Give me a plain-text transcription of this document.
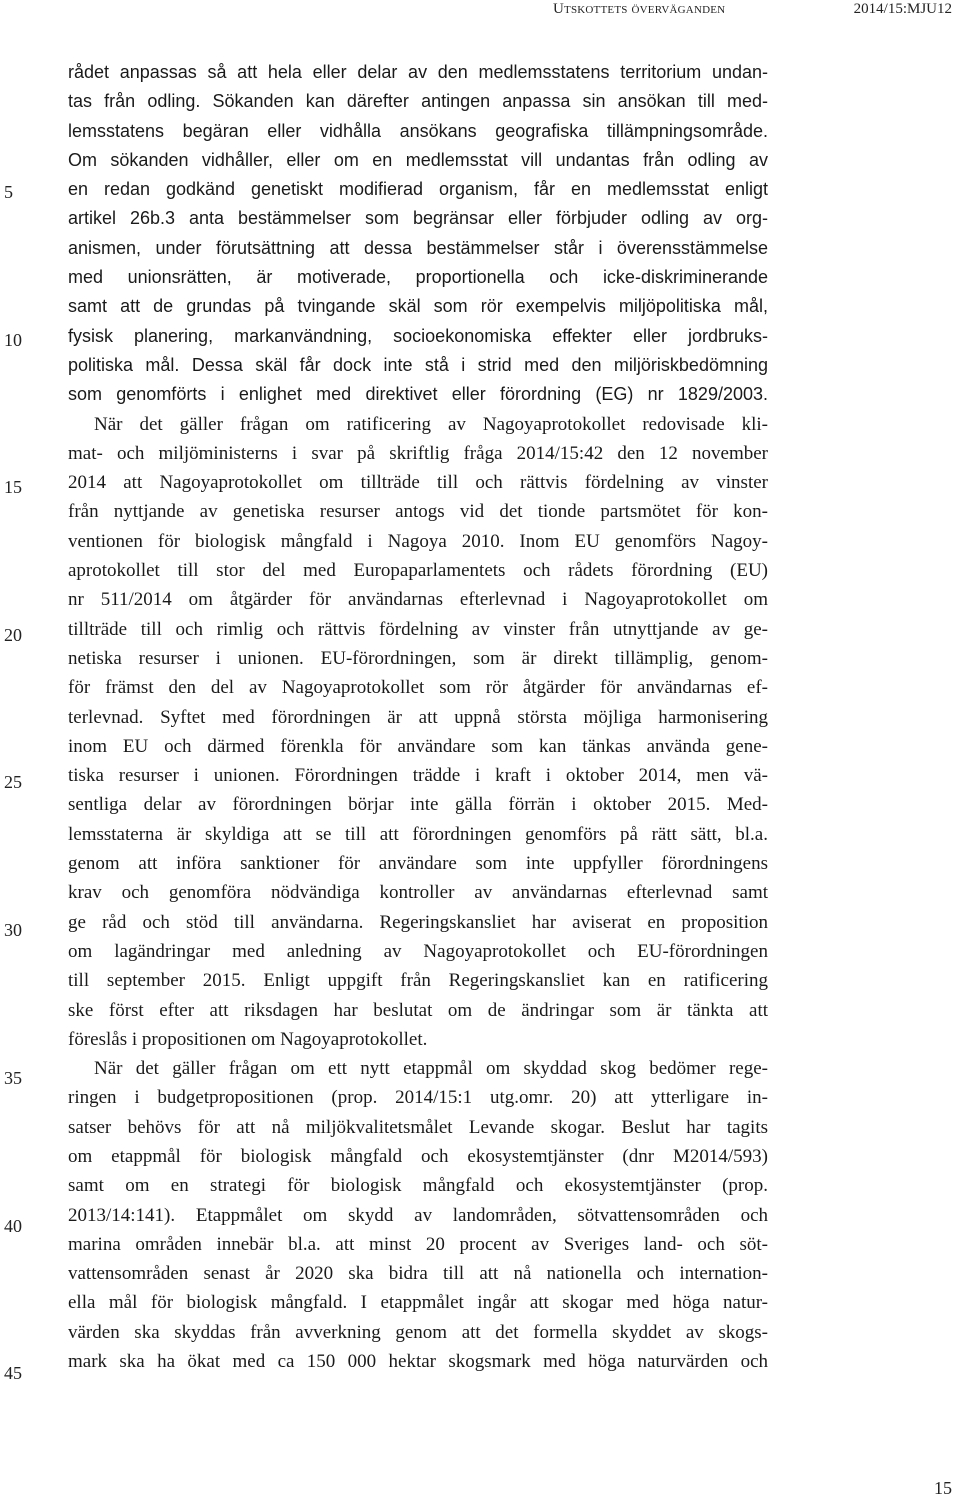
Utskottets överväganden	2014/15:MJU12
rådet anpassas så att hela eller delar av den medlemsstatens territorium undan-
tas från odling. Sökanden kan därefter antingen anpassa sin ansökan till med-
lemsstatens begäran eller vidhålla ansökans geografiska tillämpningsområde.
Om sökanden vidhåller, eller om en medlemsstat vill undantas från odling av
en redan godkänd genetiskt modifierad organism, får en medlemsstat enligt
artikel 26b.3 anta bestämmelser som begränsar eller förbjuder odling av org-
anismen, under förutsättning att dessa bestämmelser står i överensstämmelse
med unionsrätten, är motiverade, proportionella och icke-diskriminerande
samt att de grundas på tvingande skäl som rör exempelvis miljöpolitiska mål,
fysisk planering, markanvändning, socioekonomiska effekter eller jordbruks-
politiska mål. Dessa skäl får dock inte stå i strid med den miljöriskbedömning
som genomförts i enlighet med direktivet eller förordning (EG) nr 1829/2003.
När det gäller frågan om ratificering av Nagoyaprotokollet redovisade kli-
mat- och miljöministerns i svar på skriftlig fråga 2014/15:42 den 12 november
2014 att Nagoyaprotokollet om tillträde till och rättvis fördelning av vinster
från nyttjande av genetiska resurser antogs vid det tionde partsmötet för kon-
ventionen för biologisk mångfald i Nagoya 2010. Inom EU genomförs Nagoy-
aprotokollet till stor del med Europaparlamentets och rådets förordning (EU)
nr 511/2014 om åtgärder för användarnas efterlevnad i Nagoyaprotokollet om
tillträde till och rimlig och rättvis fördelning av vinster från utnyttjande av ge-
netiska resurser i unionen. EU-förordningen, som är direkt tillämplig, genom-
för främst den del av Nagoyaprotokollet som rör åtgärder för användarnas ef-
terlevnad. Syftet med förordningen är att uppnå största möjliga harmonisering
inom EU och därmed förenkla för användare som kan tänkas använda gene-
tiska resurser i unionen. Förordningen trädde i kraft i oktober 2014, men vä-
sentliga delar av förordningen börjar inte gälla förrän i oktober 2015. Med-
lemsstaterna är skyldiga att se till att förordningen genomförs på rätt sätt, bl.a.
genom att införa sanktioner för användare som inte uppfyller förordningens
krav och genomföra nödvändiga kontroller av användarnas efterlevnad samt
ge råd och stöd till användarna. Regeringskansliet har aviserat en proposition
om lagändringar med anledning av Nagoyaprotokollet och EU-förordningen
till september 2015. Enligt uppgift från Regeringskansliet kan en ratificering
ske först efter att riksdagen har beslutat om de ändringar som är tänkta att
föreslås i propositionen om Nagoyaprotokollet.
När det gäller frågan om ett nytt etappmål om skyddad skog bedömer rege-
ringen i budgetpropositionen (prop. 2014/15:1 utg.omr. 20) att ytterligare in-
satser behövs för att nå miljökvalitetsmålet Levande skogar. Beslut har tagits
om etappmål för biologisk mångfald och ekosystemtjänster (dnr M2014/593)
samt om en strategi för biologisk mångfald och ekosystemtjänster (prop.
2013/14:141). Etappmålet om skydd av landområden, sötvattensområden och
marina områden innebär bl.a. att minst 20 procent av Sveriges land- och söt-
vattensområden senast år 2020 ska bidra till att nå nationella och internation-
ella mål för biologisk mångfald. I etappmålet ingår att skogar med höga natur-
värden ska skyddas från avverkning genom att det formella skyddet av skogs-
mark ska ha ökat med ca 150 000 hektar skogsmark med höga naturvärden och
5
10
15
20
25
30
35
40
45
15
